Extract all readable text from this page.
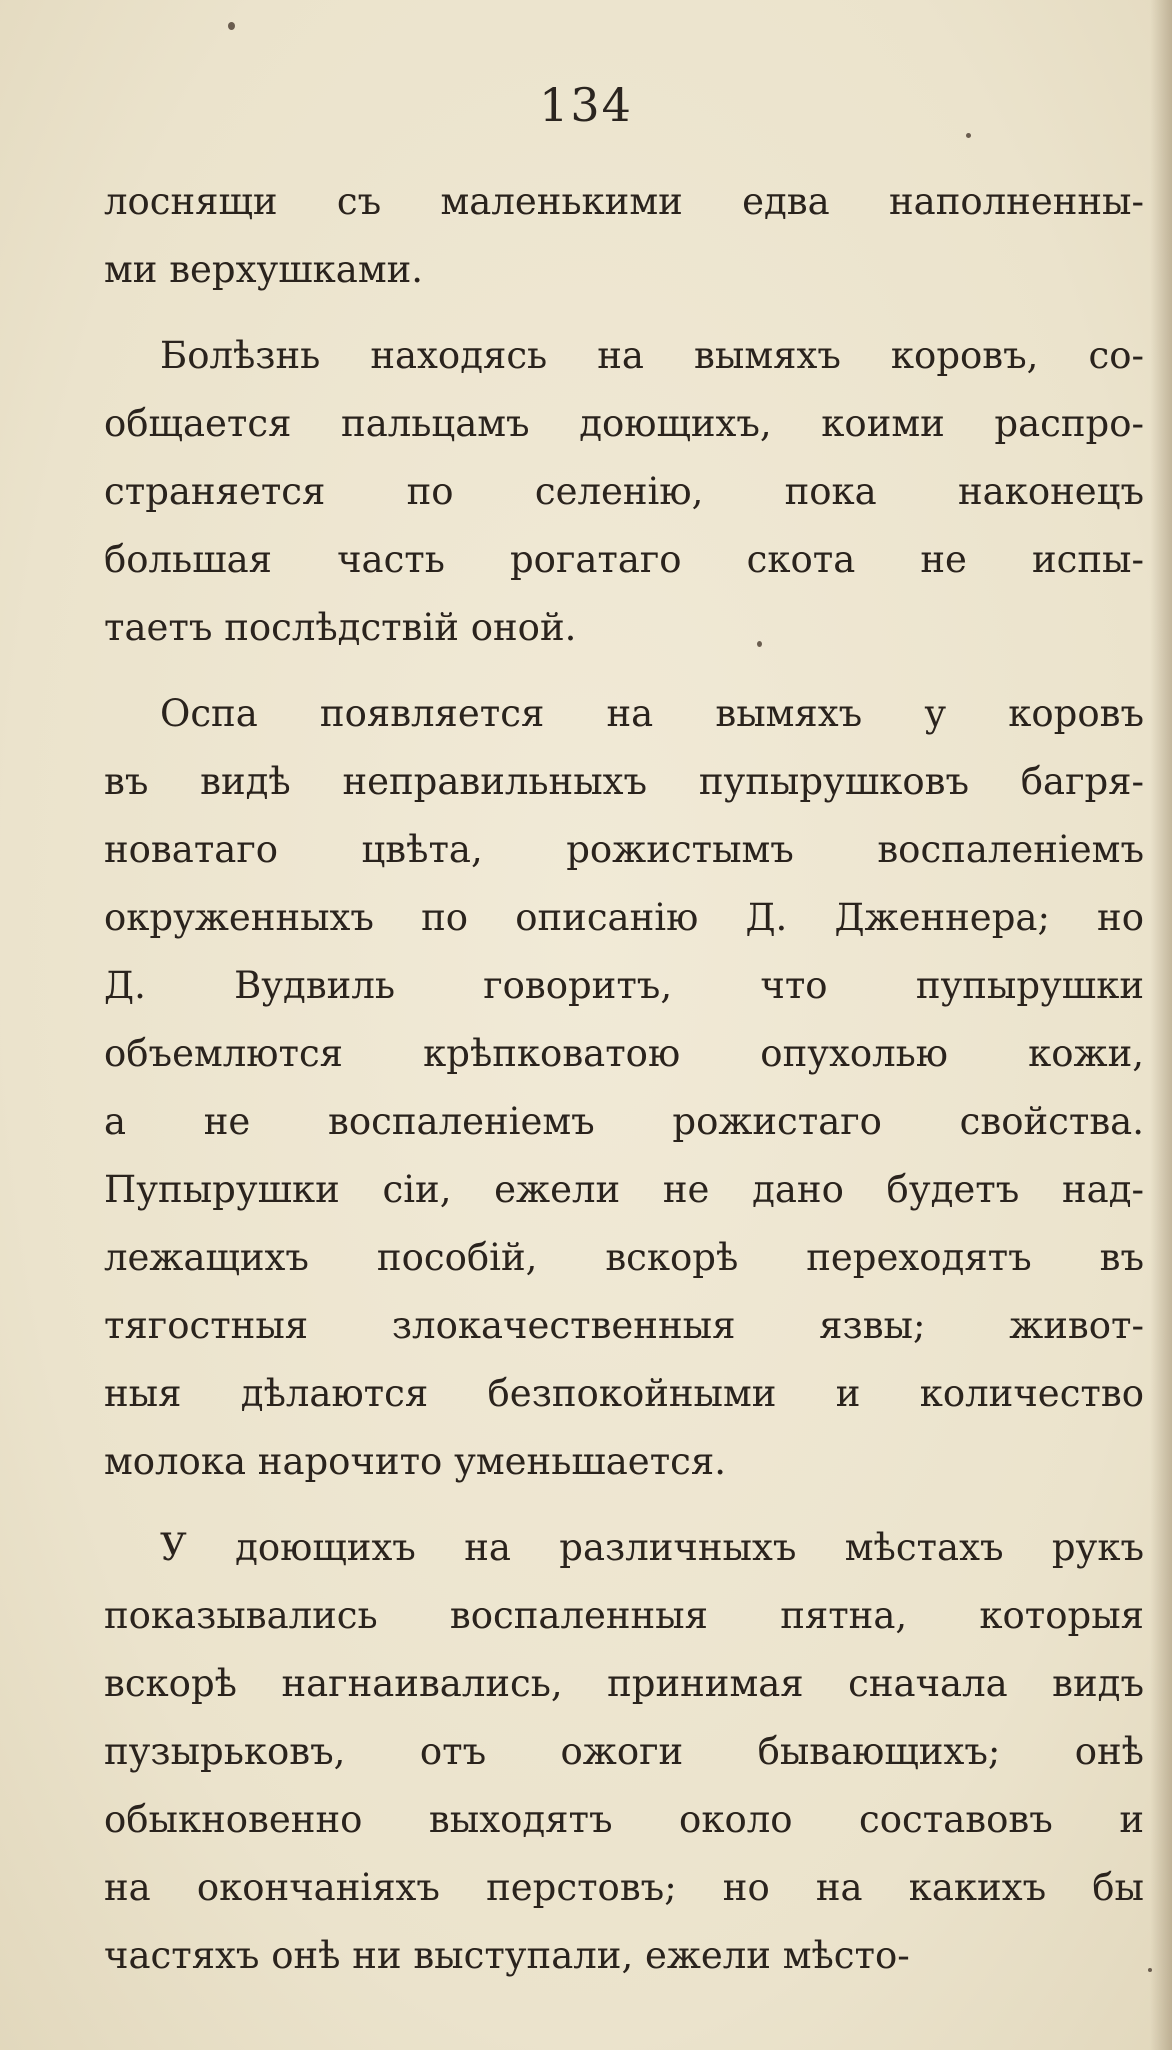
134
лоснящи съ маленькими едва наполненны-
ми верхушками.
Болѣзнь находясь на вымяхъ коровъ, со-
общается пальцамъ доющихъ, коими распро-
страняется по селенію, пока наконецъ
большая часть рогатаго скота не испы-
таетъ послѣдствій оной.
Оспа появляется на вымяхъ у коровъ
въ видѣ неправильныхъ пупырушковъ багря-
новатаго цвѣта, рожистымъ воспаленіемъ
окруженныхъ по описанію Д. Дженнера; но
Д. Вудвиль говоритъ, что пупырушки
объемлются крѣпковатою опухолью кожи,
а не воспаленіемъ рожистаго свойства.
Пупырушки сіи, ежели не дано будетъ над-
лежащихъ пособій, вскорѣ переходятъ въ
тягостныя злокачественныя язвы; живот-
ныя дѣлаются безпокойными и количество
молока нарочито уменьшается.
У доющихъ на различныхъ мѣстахъ рукъ
показывались воспаленныя пятна, которыя
вскорѣ нагнаивались, принимая сначала видъ
пузырьковъ, отъ ожоги бывающихъ; онѣ
обыкновенно выходятъ около составовъ и
на окончаніяхъ перстовъ; но на какихъ бы
частяхъ онѣ ни выступали, ежели мѣсто-
